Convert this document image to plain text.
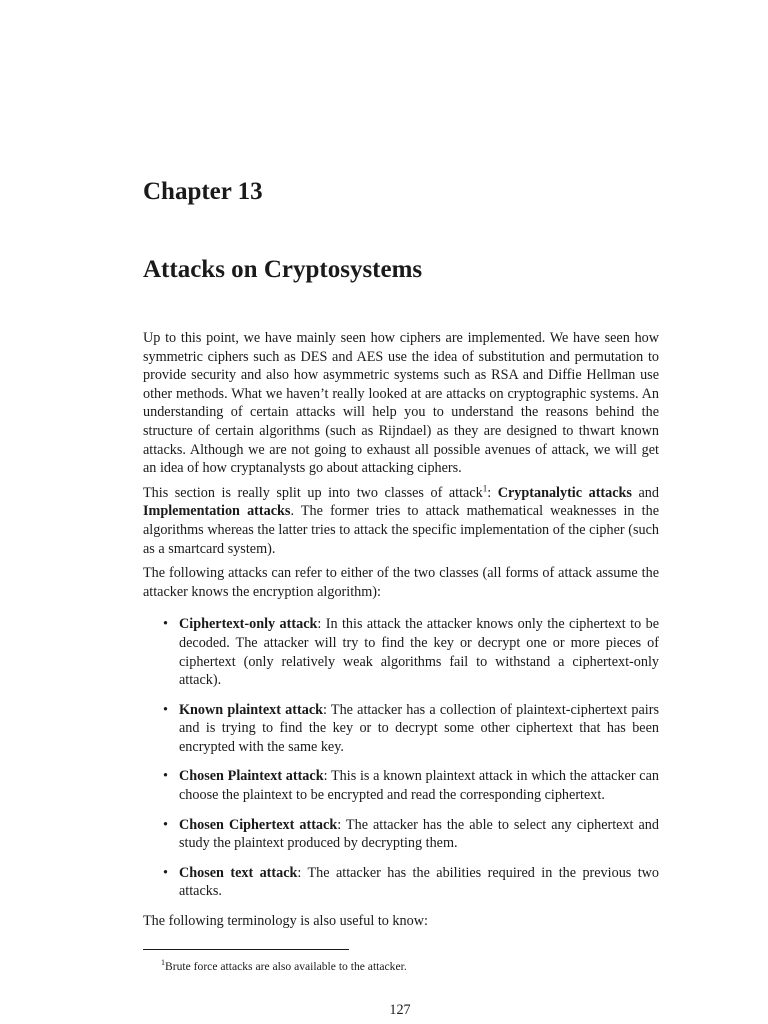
Chapter 13
Attacks on Cryptosystems

Up to this point, we have mainly seen how ciphers are implemented. We have seen how symmetric ciphers such as DES and AES use the idea of substitution and permutation to provide security and also how asymmetric systems such as RSA and Diffie Hellman use other methods. What we haven’t really looked at are attacks on cryptographic systems. An understanding of certain attacks will help you to understand the reasons behind the structure of certain algorithms (such as Rijndael) as they are designed to thwart known attacks. Although we are not going to exhaust all possible avenues of attack, we will get an idea of how cryptanalysts go about attacking ciphers.

This section is really split up into two classes of attack$^1$: Cryptanalytic attacks and Implementation attacks. The former tries to attack mathematical weaknesses in the algorithms whereas the latter tries to attack the specific implementation of the cipher (such as a smartcard system).

The following attacks can refer to either of the two classes (all forms of attack assume the attacker knows the encryption algorithm):

• Ciphertext-only attack: In this attack the attacker knows only the ciphertext to be decoded. The attacker will try to find the key or decrypt one or more pieces of ciphertext (only relatively weak algorithms fail to withstand a ciphertext-only attack).
• Known plaintext attack: The attacker has a collection of plaintext-ciphertext pairs and is trying to find the key or to decrypt some other ciphertext that has been encrypted with the same key.
• Chosen Plaintext attack: This is a known plaintext attack in which the attacker can choose the plaintext to be encrypted and read the corresponding ciphertext.
• Chosen Ciphertext attack: The attacker has the able to select any ciphertext and study the plaintext produced by decrypting them.
• Chosen text attack: The attacker has the abilities required in the previous two attacks.

The following terminology is also useful to know:

$^1$Brute force attacks are also available to the attacker.
127
